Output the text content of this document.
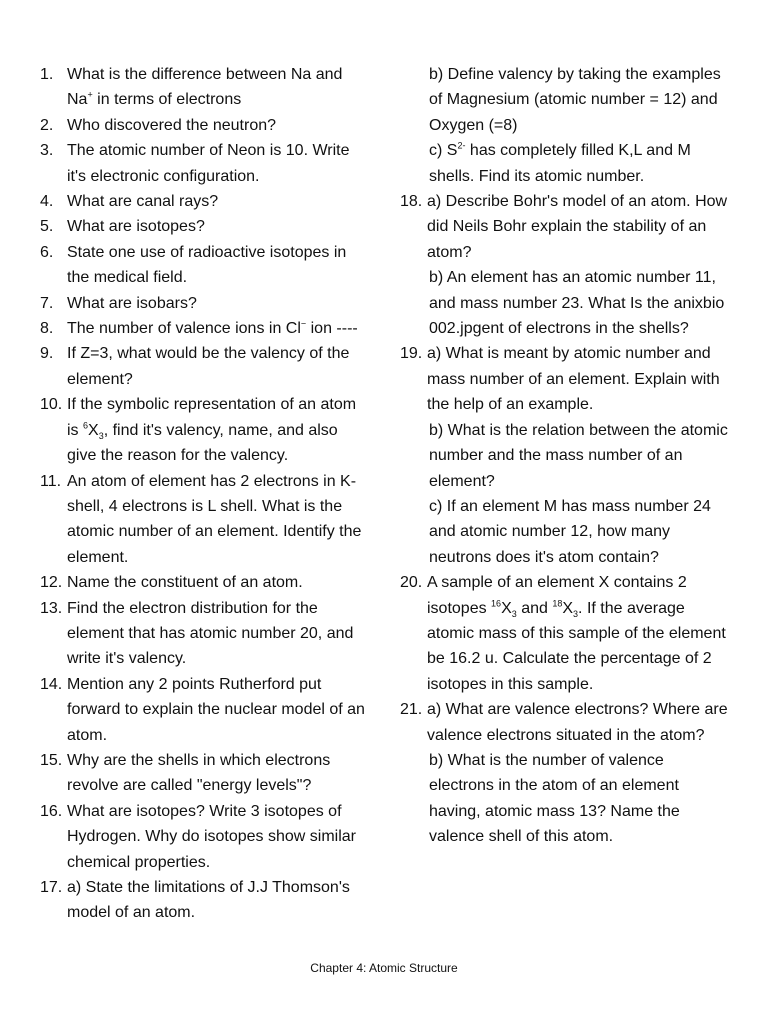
1. What is the difference between Na and Na+ in terms of electrons
2. Who discovered the neutron?
3. The atomic number of Neon is 10. Write it's electronic configuration.
4. What are canal rays?
5. What are isotopes?
6. State one use of radioactive isotopes in the medical field.
7. What are isobars?
8. The number of valence ions in Cl− ion ----
9. If Z=3, what would be the valency of the element?
10. If the symbolic representation of an atom is $^6X_3$, find it's valency, name, and also give the reason for the valency.
11. An atom of element has 2 electrons in K-shell, 4 electrons is L shell. What is the atomic number of an element. Identify the element.
12. Name the constituent of an atom.
13. Find the electron distribution for the element that has atomic number 20, and write it's valency.
14. Mention any 2 points Rutherford put forward to explain the nuclear model of an atom.
15. Why are the shells in which electrons revolve are called "energy levels"?
16. What are isotopes? Write 3 isotopes of Hydrogen. Why do isotopes show similar chemical properties.
17. a) State the limitations of J.J Thomson's model of an atom.
b) Define valency by taking the examples of Magnesium (atomic number = 12) and Oxygen (=8)
c) $S^{2-}$ has completely filled K,L and M shells. Find its atomic number.
18. a) Describe Bohr's model of an atom. How did Neils Bohr explain the stability of an atom?
b) An element has an atomic number 11, and mass number 23. What Is the anixbio 002.jpgent of electrons in the shells?
19. a) What is meant by atomic number and mass number of an element. Explain with the help of an example.
b) What is the relation between the atomic number and the mass number of an element?
c) If an element M has mass number 24 and atomic number 12, how many neutrons does it's atom contain?
20. A sample of an element X contains 2 isotopes $^{16}X_3$ and $^{18}X_3$. If the average atomic mass of this sample of the element be 16.2 u. Calculate the percentage of 2 isotopes in this sample.
21. a) What are valence electrons? Where are valence electrons situated in the atom?
b) What is the number of valence electrons in the atom of an element having, atomic mass 13? Name the valence shell of this atom.
Chapter 4: Atomic Structure
